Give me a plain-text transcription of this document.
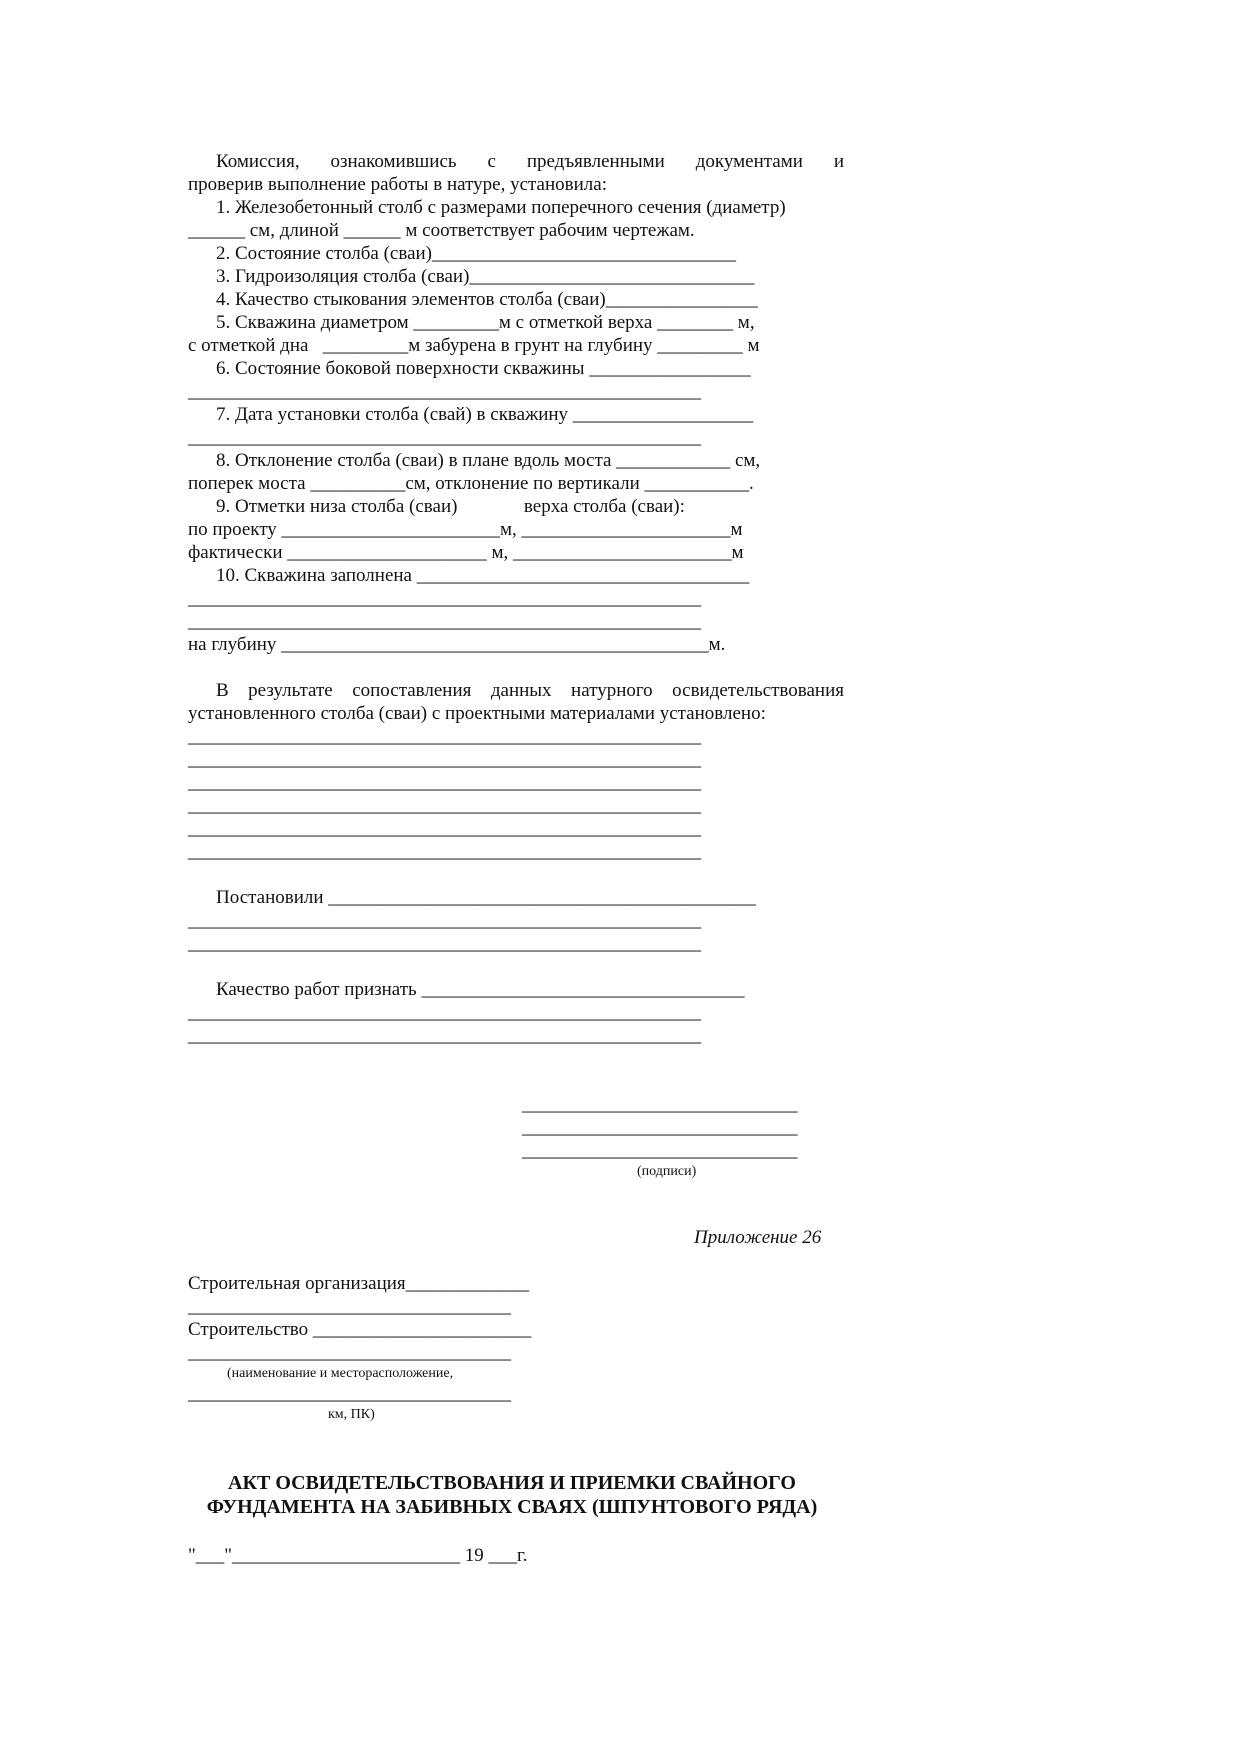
Комиссия, ознакомившись с предъявленными документами и

проверив выполнение работы в натуре, установила:

1. Железобетонный столб с размерами поперечного сечения (диаметр)

______ см, длиной ______ м соответствует рабочим чертежам.

2. Состояние столба (сваи)________________________________

3. Гидроизоляция столба (сваи)______________________________

4. Качество стыкования элементов столба (сваи)________________

5. Скважина диаметром _________м с отметкой верха ________ м,

с отметкой дна   _________м забурена в грунт на глубину _________ м

6. Состояние боковой поверхности скважины _________________

______________________________________________________

7. Дата установки столба (свай) в скважину ___________________

______________________________________________________

8. Отклонение столба (сваи) в плане вдоль моста ____________ см,

поперек моста __________см, отклонение по вертикали ___________.

9. Отметки низа столба (сваи)              верха столба (сваи):

по проекту _______________________м, ______________________м

фактически _____________________ м, _______________________м

10. Скважина заполнена ___________________________________

______________________________________________________

______________________________________________________

на глубину _____________________________________________м.

В результате сопоставления данных натурного освидетельствования

установленного столба (сваи) с проектными материалами установлено:

______________________________________________________

______________________________________________________

______________________________________________________

______________________________________________________

______________________________________________________

______________________________________________________

Постановили _____________________________________________

______________________________________________________

______________________________________________________

Качество работ признать __________________________________

______________________________________________________

______________________________________________________

_____________________________

_____________________________

_____________________________

(подписи)

Приложение 26

Строительная организация_____________

__________________________________

Строительство _______________________

__________________________________

(наименование и месторасположение,

__________________________________

км, ПК)

АКТ ОСВИДЕТЕЛЬСТВОВАНИЯ И ПРИЕМКИ СВАЙНОГО

ФУНДАМЕНТА НА ЗАБИВНЫХ СВАЯХ (ШПУНТОВОГО РЯДА)

"___"________________________ 19 ___г.
